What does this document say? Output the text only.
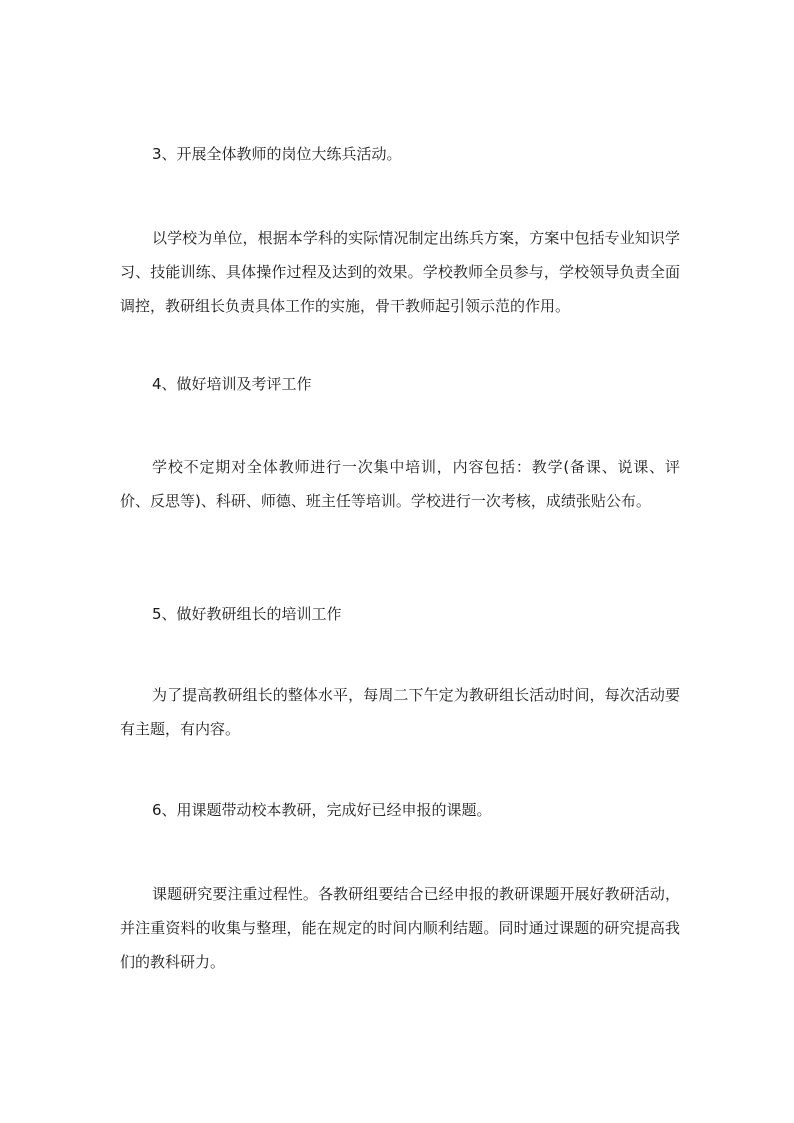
3、开展全体教师的岗位大练兵活动。
以学校为单位，根据本学科的实际情况制定出练兵方案，方案中包括专业知识学习、技能训练、具体操作过程及达到的效果。学校教师全员参与，学校领导负责全面调控，教研组长负责具体工作的实施，骨干教师起引领示范的作用。
4、做好培训及考评工作
学校不定期对全体教师进行一次集中培训，内容包括：教学(备课、说课、评价、反思等)、科研、师德、班主任等培训。学校进行一次考核，成绩张贴公布。
5、做好教研组长的培训工作
为了提高教研组长的整体水平，每周二下午定为教研组长活动时间，每次活动要有主题，有内容。
6、用课题带动校本教研，完成好已经申报的课题。
课题研究要注重过程性。各教研组要结合已经申报的教研课题开展好教研活动，并注重资料的收集与整理，能在规定的时间内顺利结题。同时通过课题的研究提高我们的教科研力。
